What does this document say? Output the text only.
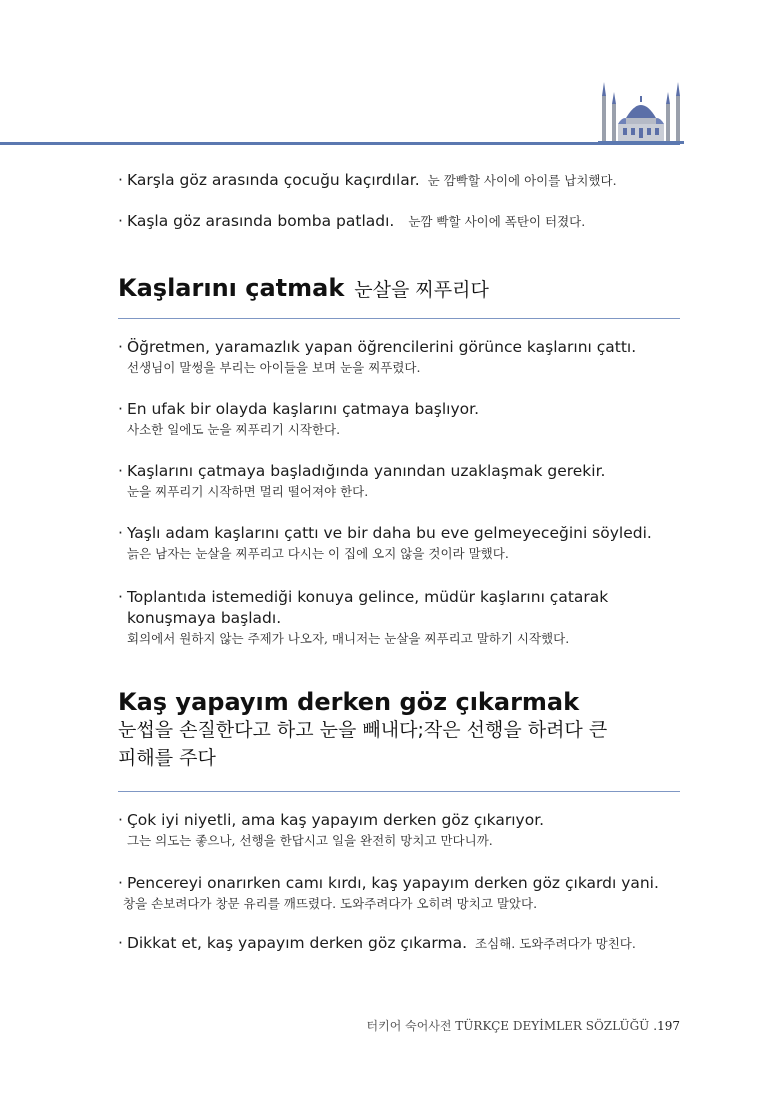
· Karşla göz arasında çocuğu kaçırdılar. 눈 깜빡할 사이에 아이를 납치했다.
· Kaşla göz arasında bomba patladı. 눈깜 빡할 사이에 폭탄이 터졌다.
Kaşlarını çatmak 눈살을 찌푸리다
· Öğretmen, yaramazlık yapan öğrencilerini görünce kaşlarını çattı.
선생님이 말썽을 부리는 아이들을 보며 눈을 찌푸렸다.
· En ufak bir olayda kaşlarını çatmaya başlıyor.
사소한 일에도 눈을 찌푸리기 시작한다.
· Kaşlarını çatmaya başladığında yanından uzaklaşmak gerekir.
눈을 찌푸리기 시작하면 멀리 떨어져야 한다.
· Yaşlı adam kaşlarını çattı ve bir daha bu eve gelmeyeceğini söyledi.
늙은 남자는 눈살을 찌푸리고 다시는 이 집에 오지 않을 것이라 말했다.
· Toplantıda istemediği konuya gelince, müdür kaşlarını çatarak
konuşmaya başladı.
회의에서 원하지 않는 주제가 나오자, 매니저는 눈살을 찌푸리고 말하기 시작했다.
Kaş yapayım derken göz çıkarmak
눈썹을 손질한다고 하고 눈을 빼내다;작은 선행을 하려다 큰
피해를 주다
· Çok iyi niyetli, ama kaş yapayım derken göz çıkarıyor.
그는 의도는 좋으나, 선행을 한답시고 일을 완전히 망치고 만다니까.
· Pencereyi onarırken camı kırdı, kaş yapayım derken göz çıkardı yani.
창을 손보려다가 창문 유리를 깨뜨렸다. 도와주려다가 오히려 망치고 말았다.
· Dikkat et, kaş yapayım derken göz çıkarma. 조심해. 도와주려다가 망친다.
터키어 숙어사전 TÜRKÇE DEYİMLER SÖZLÜĞÜ .197
